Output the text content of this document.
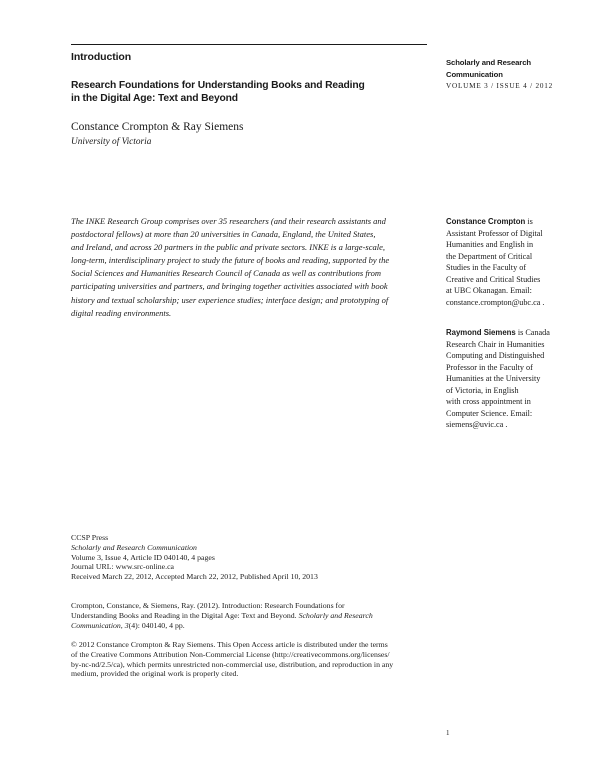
Introduction
Research Foundations for Understanding Books and Reading
in the Digital Age: Text and Beyond
Constance Crompton & Ray Siemens
University of Victoria
Scholarly and Research
Communication
VOLUME 3 / ISSUE 4 / 2012
The INKE Research Group comprises over 35 researchers (and their research assistants and
postdoctoral fellows) at more than 20 universities in Canada, England, the United States,
and Ireland, and across 20 partners in the public and private sectors. INKE is a large-scale,
long-term, interdisciplinary project to study the future of books and reading, supported by the
Social Sciences and Humanities Research Council of Canada as well as contributions from
participating universities and partners, and bringing together activities associated with book
history and textual scholarship; user experience studies; interface design; and prototyping of
digital reading environments.
Constance Crompton is
Assistant Professor of Digital
Humanities and English in
the Department of Critical
Studies in the Faculty of
Creative and Critical Studies
at UBC Okanagan. Email:
constance.crompton@ubc.ca .
Raymond Siemens is Canada
Research Chair in Humanities
Computing and Distinguished
Professor in the Faculty of
Humanities at the University
of Victoria, in English
with cross appointment in
Computer Science. Email:
siemens@uvic.ca .
CCSP Press
Scholarly and Research Communication
Volume 3, Issue 4, Article ID 040140, 4 pages
Journal URL: www.src-online.ca
Received March 22, 2012, Accepted March 22, 2012, Published April 10, 2013
Crompton, Constance, & Siemens, Ray. (2012). Introduction: Research Foundations for
Understanding Books and Reading in the Digital Age: Text and Beyond. Scholarly and Research
Communication, 3(4): 040140, 4 pp.
© 2012 Constance Crompton & Ray Siemens. This Open Access article is distributed under the terms
of the Creative Commons Attribution Non-Commercial License (http://creativecommons.org/licenses/
by-nc-nd/2.5/ca), which permits unrestricted non-commercial use, distribution, and reproduction in any
medium, provided the original work is properly cited.
1
